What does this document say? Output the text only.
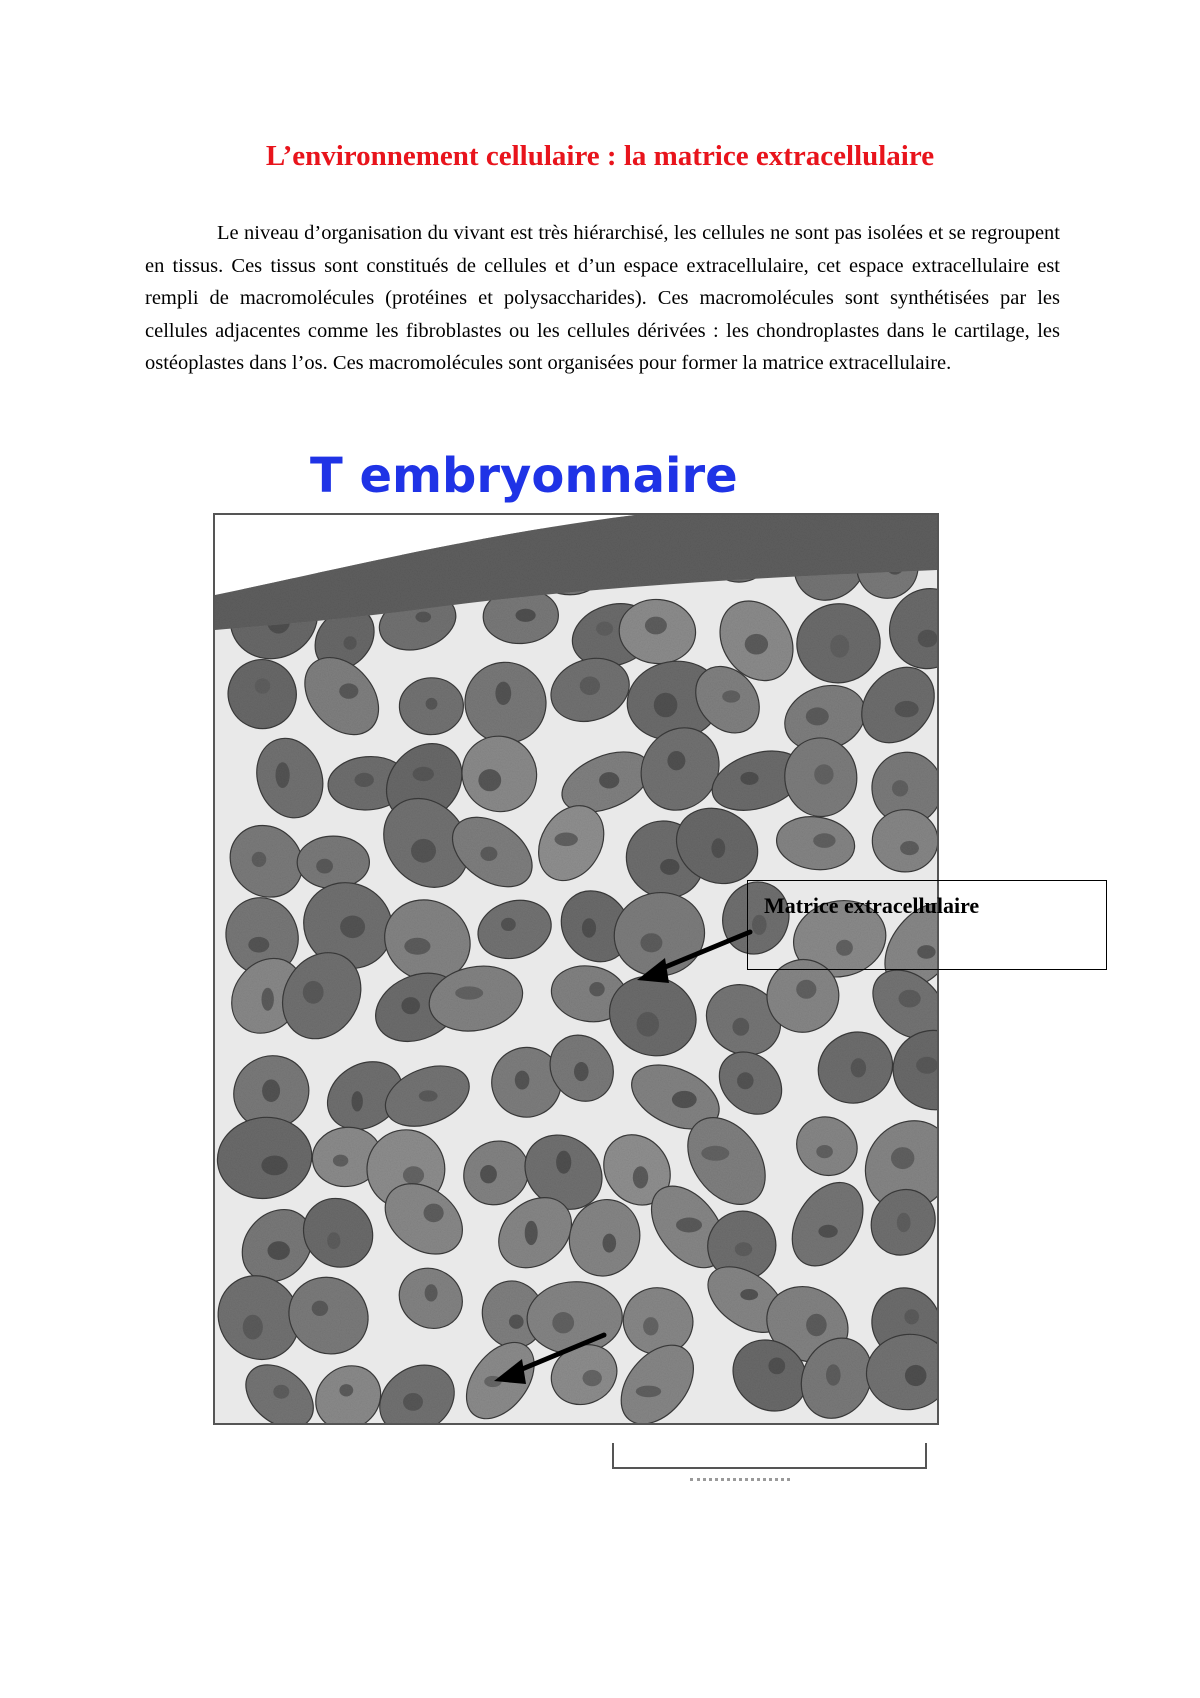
L’environnement cellulaire : la matrice extracellulaire

Le niveau d’organisation du vivant est très hiérarchisé, les cellules ne sont pas isolées et se regroupent en tissus. Ces tissus sont constitués de cellules et d’un espace extracellulaire, cet espace extracellulaire est rempli de macromolécules (protéines et polysaccharides). Ces macromolécules sont synthétisées par les cellules adjacentes comme les fibroblastes ou les cellules dérivées : les chondroplastes dans le cartilage, les ostéoplastes dans l’os. Ces macromolécules sont organisées pour former la matrice extracellulaire.

T embryonnaire
Matrice extracellulaire
